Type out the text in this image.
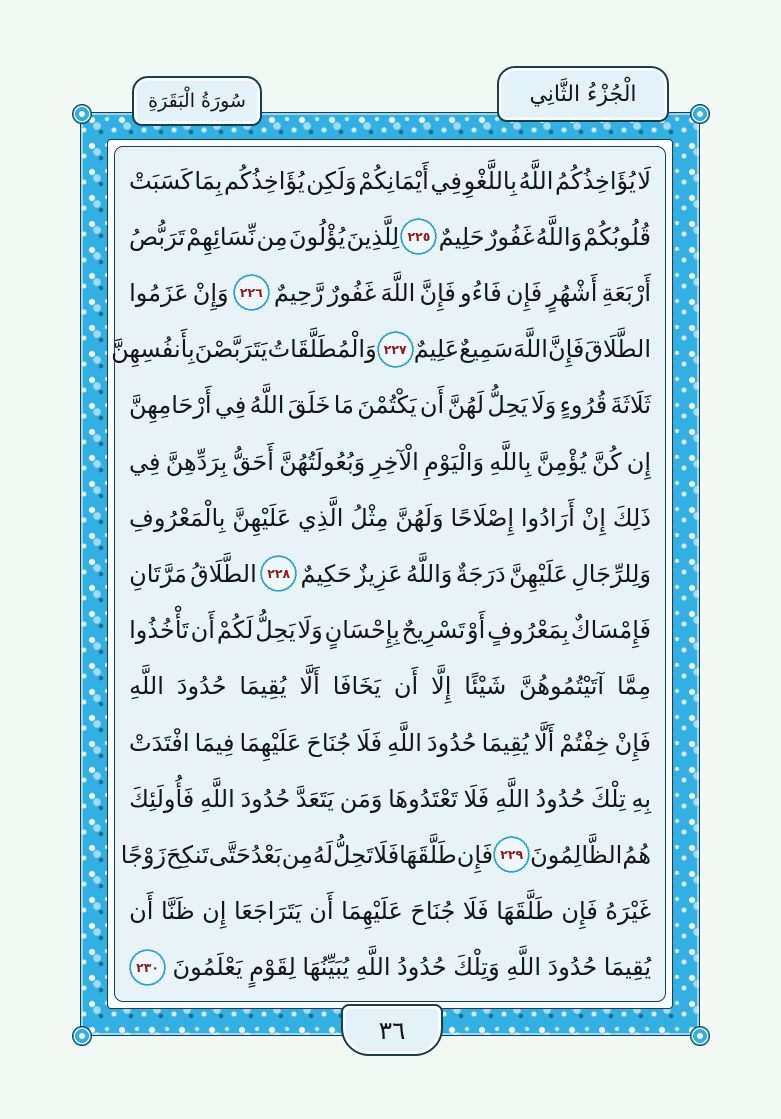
سُورَةُ الْبَقَرَةِ	الْجُزْءُ الثَّانِي
لَا
يُؤَاخِذُكُمُ
اللَّهُ
بِاللَّغْوِ
فِي
أَيْمَانِكُمْ
وَلَكِن
يُؤَاخِذُكُم
بِمَا
كَسَبَتْ
قُلُوبُكُمْ
وَاللَّهُ
غَفُورٌ
حَلِيمٌ
٢٢٥
لِلَّذِينَ
يُؤْلُونَ
مِن
نِّسَائِهِمْ
تَرَبُّصُ
أَرْبَعَةِ
أَشْهُرٍ
فَإِن
فَاءُو
فَإِنَّ
اللَّهَ
غَفُورٌ
رَّحِيمٌ
٢٢٦
وَإِنْ
عَزَمُوا
الطَّلَاقَ
فَإِنَّ
اللَّهَ
سَمِيعٌ
عَلِيمٌ
٢٢٧
وَالْمُطَلَّقَاتُ
يَتَرَبَّصْنَ
بِأَنفُسِهِنَّ
ثَلَاثَةَ
قُرُوءٍ
وَلَا
يَحِلُّ
لَهُنَّ
أَن
يَكْتُمْنَ
مَا
خَلَقَ
اللَّهُ
فِي
أَرْحَامِهِنَّ
إِن
كُنَّ
يُؤْمِنَّ
بِاللَّهِ
وَالْيَوْمِ
الْآخِرِ
وَبُعُولَتُهُنَّ
أَحَقُّ
بِرَدِّهِنَّ
فِي
ذَلِكَ
إِنْ
أَرَادُوا
إِصْلَاحًا
وَلَهُنَّ
مِثْلُ
الَّذِي
عَلَيْهِنَّ
بِالْمَعْرُوفِ
وَلِلرِّجَالِ
عَلَيْهِنَّ
دَرَجَةٌ
وَاللَّهُ
عَزِيزٌ
حَكِيمٌ
٢٢٨
الطَّلَاقُ
مَرَّتَانِ
فَإِمْسَاكٌ
بِمَعْرُوفٍ
أَوْ
تَسْرِيحٌ
بِإِحْسَانٍ
وَلَا
يَحِلُّ
لَكُمْ
أَن
تَأْخُذُوا
مِمَّا
آتَيْتُمُوهُنَّ
شَيْئًا
إِلَّا
أَن
يَخَافَا
أَلَّا
يُقِيمَا
حُدُودَ
اللَّهِ
فَإِنْ
خِفْتُمْ
أَلَّا
يُقِيمَا
حُدُودَ
اللَّهِ
فَلَا
جُنَاحَ
عَلَيْهِمَا
فِيمَا
افْتَدَتْ
بِهِ
تِلْكَ
حُدُودُ
اللَّهِ
فَلَا
تَعْتَدُوهَا
وَمَن
يَتَعَدَّ
حُدُودَ
اللَّهِ
فَأُولَئِكَ
هُمُ
الظَّالِمُونَ
٢٢٩
فَإِن
طَلَّقَهَا
فَلَا
تَحِلُّ
لَهُ
مِن
بَعْدُ
حَتَّى
تَنكِحَ
زَوْجًا
غَيْرَهُ
فَإِن
طَلَّقَهَا
فَلَا
جُنَاحَ
عَلَيْهِمَا
أَن
يَتَرَاجَعَا
إِن
ظَنَّا
أَن
يُقِيمَا
حُدُودَ
اللَّهِ
وَتِلْكَ
حُدُودُ
اللَّهِ
يُبَيِّنُهَا
لِقَوْمٍ
يَعْلَمُونَ
٢٣٠
٣٦
